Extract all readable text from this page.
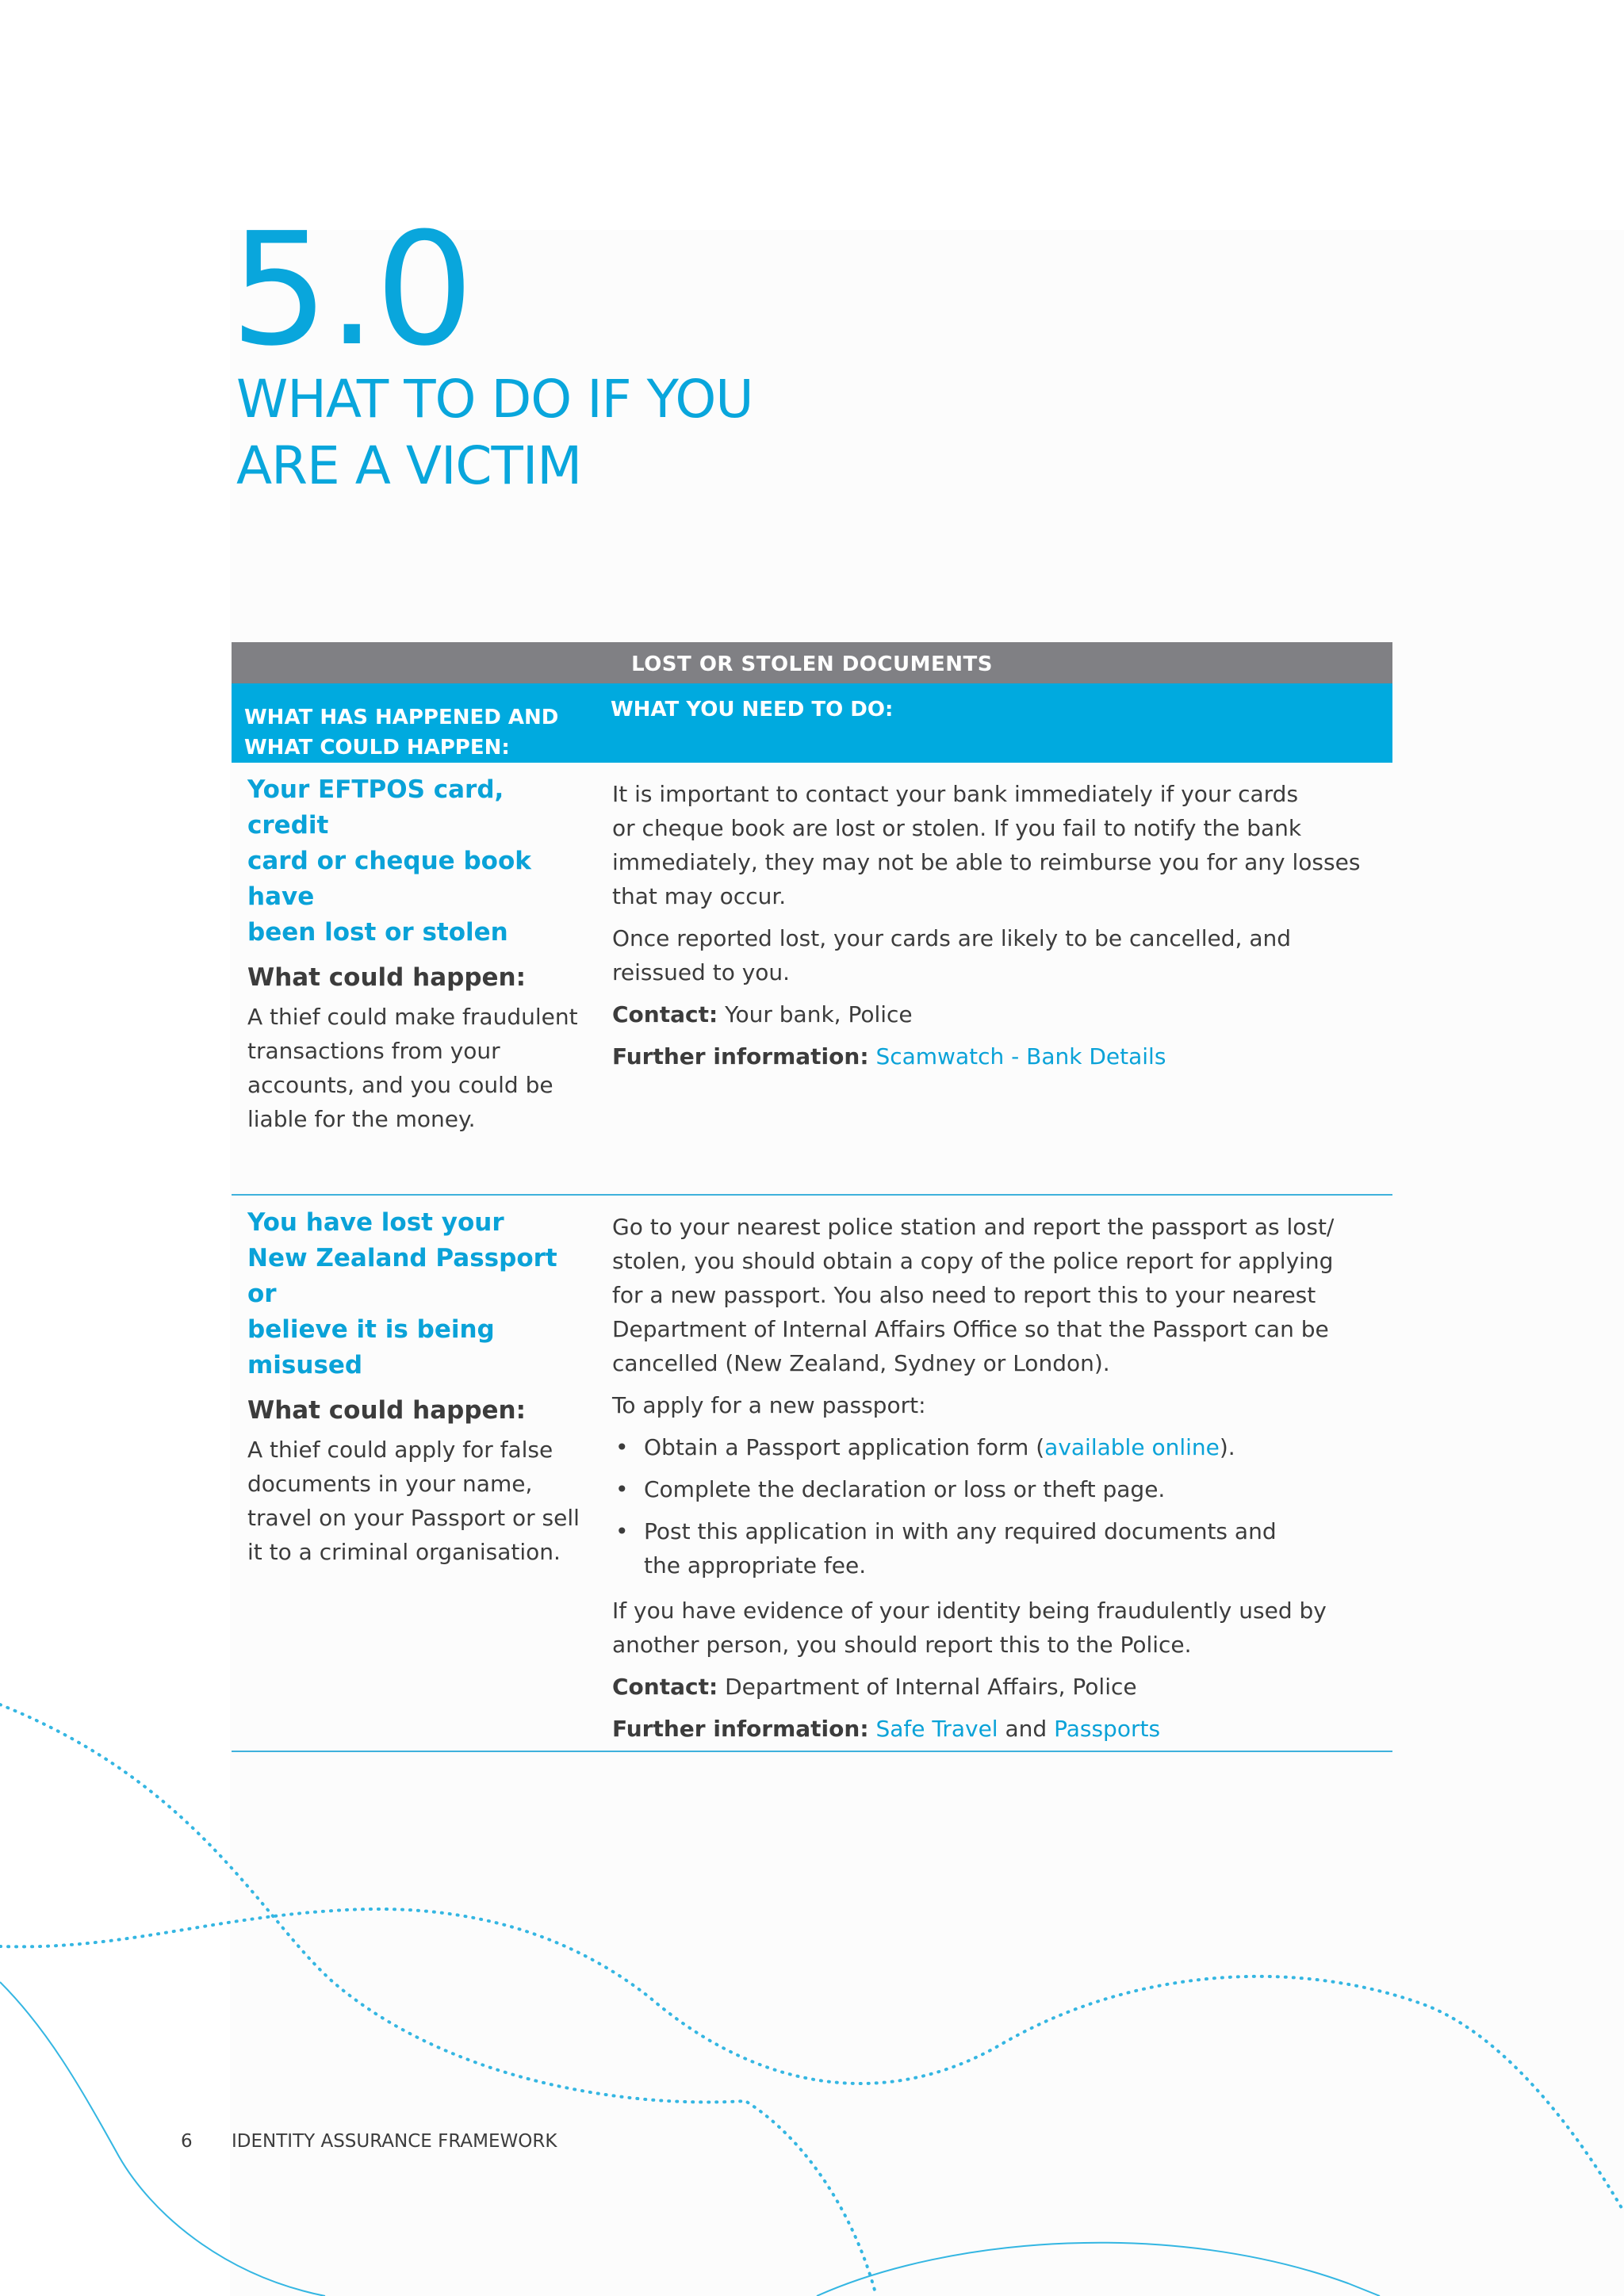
5.0
WHAT TO DO IF YOU
ARE A VICTIM
LOST OR STOLEN DOCUMENTS
WHAT HAS HAPPENED AND
WHAT COULD HAPPEN:
WHAT YOU NEED TO DO:
Your EFTPOS card, credit
card or cheque book have
been lost or stolen
What could happen:
A thief could make fraudulent
transactions from your
accounts, and you could be
liable for the money.
It is important to contact your bank immediately if your cards
or cheque book are lost or stolen. If you fail to notify the bank
immediately, they may not be able to reimburse you for any losses
that may occur.
Once reported lost, your cards are likely to be cancelled, and
reissued to you.
Contact: Your bank, Police
Further information: Scamwatch - Bank Details
You have lost your
New Zealand Passport or
believe it is being misused
What could happen:
A thief could apply for false
documents in your name,
travel on your Passport or sell
it to a criminal organisation.
Go to your nearest police station and report the passport as lost/
stolen, you should obtain a copy of the police report for applying
for a new passport. You also need to report this to your nearest
Department of Internal Affairs Office so that the Passport can be
cancelled (New Zealand, Sydney or London).
To apply for a new passport:
• Obtain a Passport application form (available online).
• Complete the declaration or loss or theft page.
• Post this application in with any required documents and
the appropriate fee.
If you have evidence of your identity being fraudulently used by
another person, you should report this to the Police.
Contact: Department of Internal Affairs, Police
Further information: Safe Travel and Passports
6 IDENTITY ASSURANCE FRAMEWORK
